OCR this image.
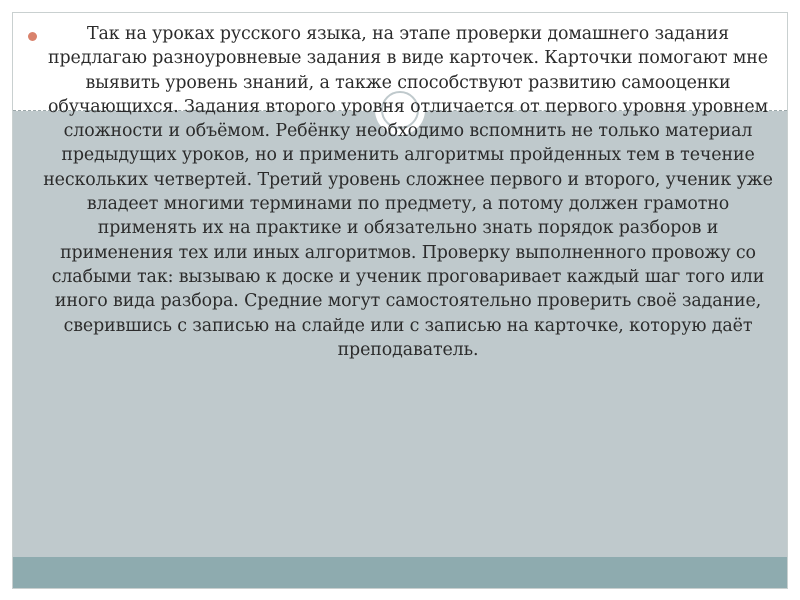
Так на уроках русского языка, на этапе проверки домашнего задания предлагаю разноуровневые задания в виде карточек. Карточки помогают мне выявить уровень знаний, а также способствуют развитию самооценки обучающихся. Задания второго уровня отличается от первого уровня уровнем сложности и объёмом. Ребёнку необходимо вспомнить не только материал предыдущих уроков, но и применить алгоритмы пройденных тем в течение нескольких четвертей. Третий уровень сложнее первого и второго, ученик уже владеет многими терминами по предмету, а потому должен грамотно применять их на практике и обязательно знать порядок разборов и применения тех или иных алгоритмов. Проверку выполненного провожу со слабыми так: вызываю к доске и ученик проговаривает каждый шаг того или иного вида разбора. Средние могут самостоятельно проверить своё задание, сверившись с записью на слайде или с записью на карточке, которую даёт преподаватель.
